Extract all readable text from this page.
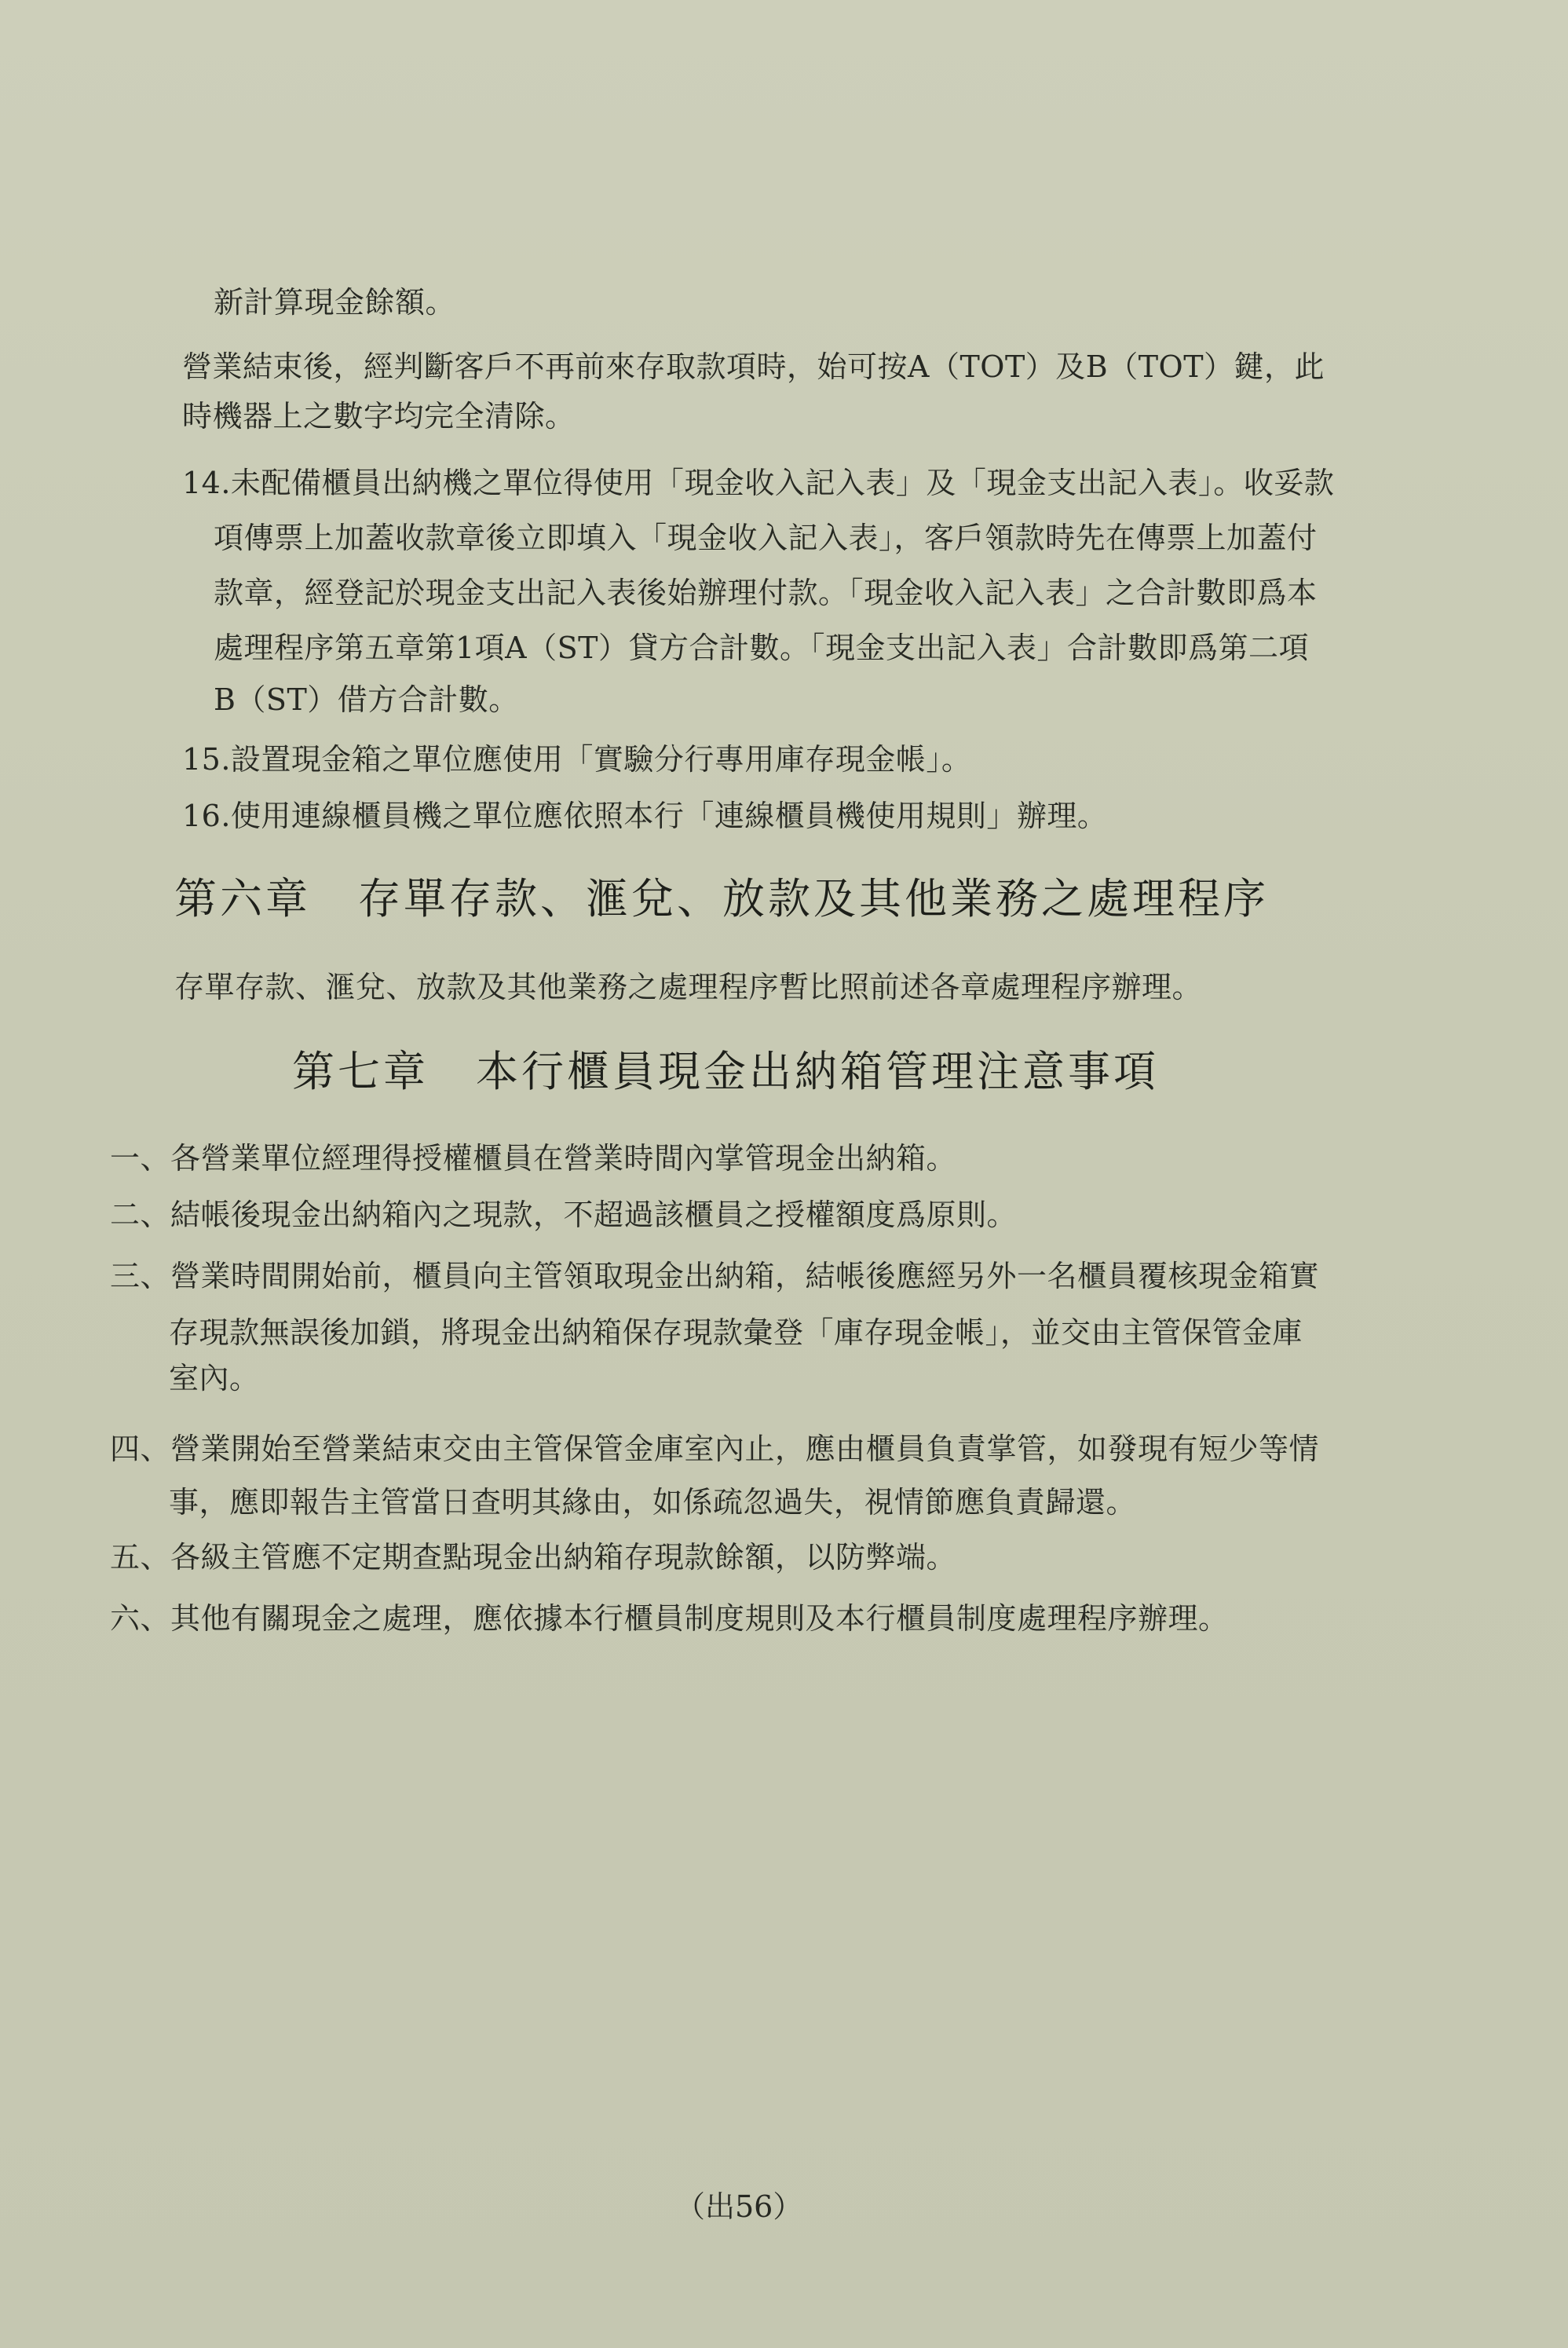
新計算現金餘額。
營業結束後，經判斷客戶不再前來存取款項時，始可按A（TOT）及B（TOT）鍵，此
時機器上之數字均完全清除。
14.未配備櫃員出納機之單位得使用「現金收入記入表」及「現金支出記入表」。收妥款
項傳票上加蓋收款章後立即填入「現金收入記入表」，客戶領款時先在傳票上加蓋付
款章，經登記於現金支出記入表後始辦理付款。「現金收入記入表」之合計數即爲本
處理程序第五章第1項A（ST）貸方合計數。「現金支出記入表」合計數即爲第二項
B（ST）借方合計數。
15.設置現金箱之單位應使用「實驗分行專用庫存現金帳」。
16.使用連線櫃員機之單位應依照本行「連線櫃員機使用規則」辦理。
第六章 存單存款、滙兌、放款及其他業務之處理程序
存單存款、滙兌、放款及其他業務之處理程序暫比照前述各章處理程序辦理。
第七章 本行櫃員現金出納箱管理注意事項
一、各營業單位經理得授權櫃員在營業時間內掌管現金出納箱。
二、結帳後現金出納箱內之現款，不超過該櫃員之授權額度爲原則。
三、營業時間開始前，櫃員向主管領取現金出納箱，結帳後應經另外一名櫃員覆核現金箱實
存現款無誤後加鎖，將現金出納箱保存現款彙登「庫存現金帳」，並交由主管保管金庫
室內。
四、營業開始至營業結束交由主管保管金庫室內止，應由櫃員負責掌管，如發現有短少等情
事，應即報告主管當日查明其緣由，如係疏忽過失，視情節應負責歸還。
五、各級主管應不定期查點現金出納箱存現款餘額，以防弊端。
六、其他有關現金之處理，應依據本行櫃員制度規則及本行櫃員制度處理程序辦理。
（出56）
